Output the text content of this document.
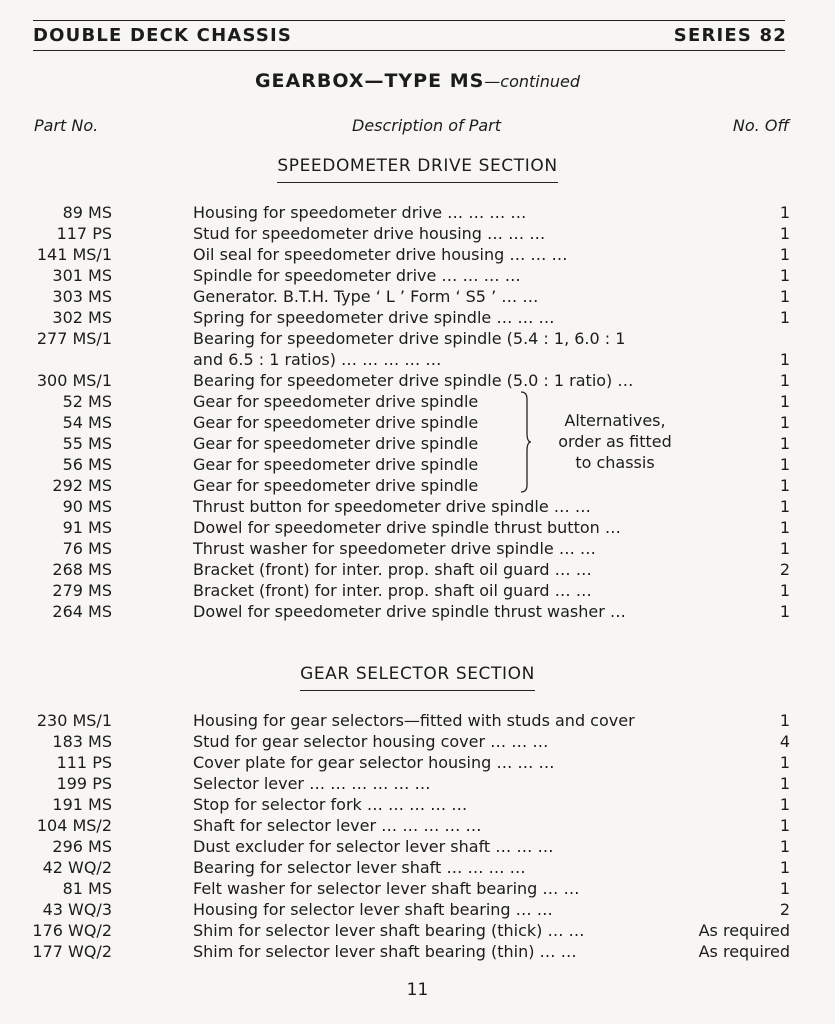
DOUBLE DECK CHASSIS	SERIES 82
GEARBOX—TYPE MS—continued
Part No.	Description of Part	No. Off
SPEEDOMETER DRIVE SECTION
89 MS	Housing for speedometer drive … … … …	1
117 PS	Stud for speedometer drive housing … … …	1
141 MS/1	Oil seal for speedometer drive housing … … …	1
301 MS	Spindle for speedometer drive … … … …	1
303 MS	Generator. B.T.H. Type ‘ L ’ Form ‘ S5 ’ … …	1
302 MS	Spring for speedometer drive spindle … … …	1
277 MS/1	Bearing for speedometer drive spindle (5.4 : 1, 6.0 : 1
and 6.5 : 1 ratios) … … … … …	1
300 MS/1	Bearing for speedometer drive spindle (5.0 : 1 ratio) …	1
52 MS	Gear for speedometer drive spindle	1
54 MS	Gear for speedometer drive spindle	1
55 MS	Gear for speedometer drive spindle	1
56 MS	Gear for speedometer drive spindle	1
292 MS	Gear for speedometer drive spindle	1
90 MS	Thrust button for speedometer drive spindle … …	1
91 MS	Dowel for speedometer drive spindle thrust button …	1
76 MS	Thrust washer for speedometer drive spindle … …	1
268 MS	Bracket (front) for inter. prop. shaft oil guard … …	2
279 MS	Bracket (front) for inter. prop. shaft oil guard … …	1
264 MS	Dowel for speedometer drive spindle thrust washer …	1
Alternatives,
order as fitted
to chassis
GEAR SELECTOR SECTION
230 MS/1	Housing for gear selectors—fitted with studs and cover	1
183 MS	Stud for gear selector housing cover … … …	4
111 PS	Cover plate for gear selector housing … … …	1
199 PS	Selector lever … … … … … …	1
191 MS	Stop for selector fork … … … … …	1
104 MS/2	Shaft for selector lever … … … … …	1
296 MS	Dust excluder for selector lever shaft … … …	1
42 WQ/2	Bearing for selector lever shaft … … … …	1
81 MS	Felt washer for selector lever shaft bearing … …	1
43 WQ/3	Housing for selector lever shaft bearing … …	2
176 WQ/2	Shim for selector lever shaft bearing (thick) … …	As required
177 WQ/2	Shim for selector lever shaft bearing (thin) … …	As required
11
